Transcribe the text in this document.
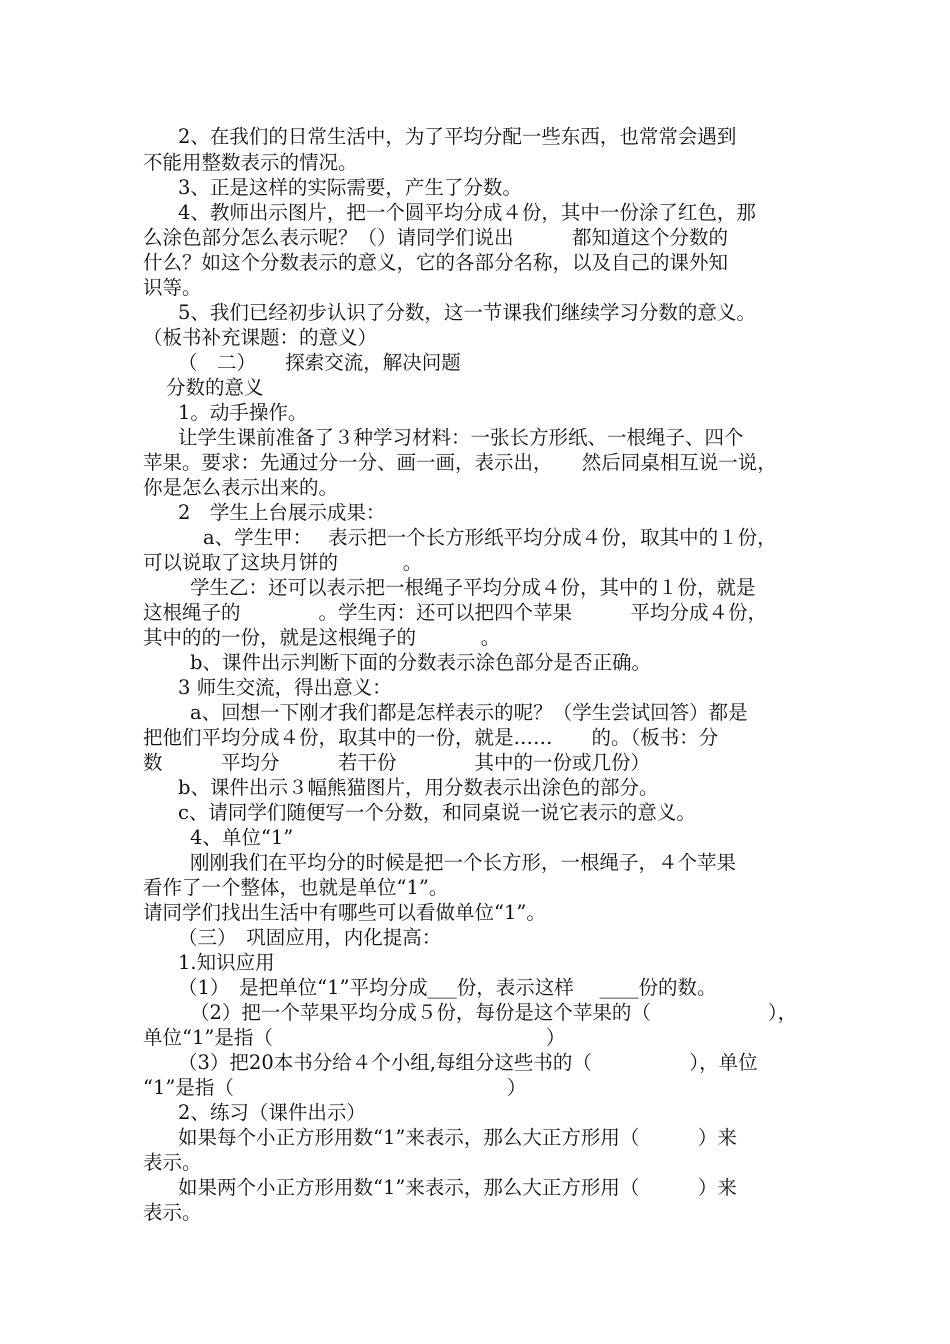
2、在我们的日常生活中，为了平均分配一些东西，也常常会遇到
不能用整数表示的情况。
3、正是这样的实际需要，产生了分数。
4、教师出示图片，把一个圆平均分成４份，其中一份涂了红色，那
么涂色部分怎么表示呢？（）请同学们说出　　　都知道这个分数的
什么？如这个分数表示的意义，它的各部分名称，以及自己的课外知
识等。
5、我们已经初步认识了分数，这一节课我们继续学习分数的意义。
（板书补充课题：的意义）
（　二）　　探索交流，解决问题
分数的意义
1。动手操作。
让学生课前准备了３种学习材料：一张长方形纸、一根绳子、四个
苹果。要求：先通过分一分、画一画，表示出，　　然后同桌相互说一说，
你是怎么表示出来的。
2　学生上台展示成果：
a、学生甲：　 表示把一个长方形纸平均分成４份，取其中的１份，
可以说取了这块月饼的　　　 。
学生乙：还可以表示把一根绳子平均分成４份，其中的１份，就是
这根绳子的　　　　。学生丙：还可以把四个苹果　　　平均分成４份，
其中的的一份，就是这根绳子的　　　 。
b、课件出示判断下面的分数表示涂色部分是否正确。
3 师生交流，得出意义：
a、回想一下刚才我们都是怎样表示的呢？（学生尝试回答）都是
把他们平均分成４份，取其中的一份，就是……　　的。（板书：分
数　　　平均分　　　若干份　　　　其中的一份或几份）
b、课件出示３幅熊猫图片，用分数表示出涂色的部分。
c、请同学们随便写一个分数，和同桌说一说它表示的意义。
4、单位“1”
刚刚我们在平均分的时候是把一个长方形，一根绳子，４个苹果
看作了一个整体，也就是单位“1”。
请同学们找出生活中有哪些可以看做单位“1”。
（三）　巩固应用，内化提高：
1.知识应用
（1）　是把单位“1”平均分成___份，表示这样　 ____份的数。
（2）把一个苹果平均分成５份，每份是这个苹果的（　　　　　　），
单位“1”是指（　　　　　　　　　　　　　　）
（3）把20本书分给４个小组,每组分这些书的（　　　　　），单位
“1”是指（　　　　　　　　　　　　　　）
2、练习（课件出示）
如果每个小正方形用数“1”来表示，那么大正方形用（　　　）来
表示。
如果两个小正方形用数“1”来表示，那么大正方形用（　　　）来
表示。
